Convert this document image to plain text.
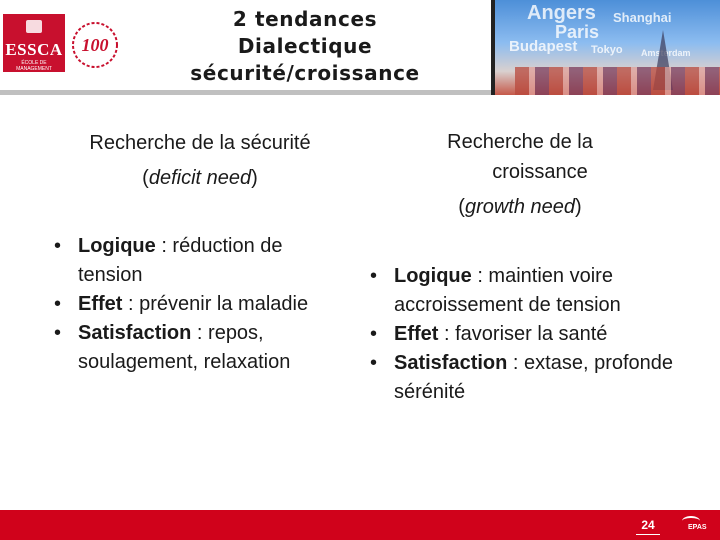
ESSCA
ÉCOLE DE MANAGEMENT
100
2 tendances
Dialectique
sécurité/croissance
Angers Shanghai
Paris
Budapest Tokyo Amsterdam
Recherche de la sécurité
(deficit need)
• Logique : réduction de tension
• Effet : prévenir la maladie
• Satisfaction : repos, soulagement, relaxation
Recherche de la
croissance
(growth need)
• Logique : maintien voire accroissement de tension
• Effet : favoriser la santé
• Satisfaction : extase, profonde sérénité
24	EPAS
